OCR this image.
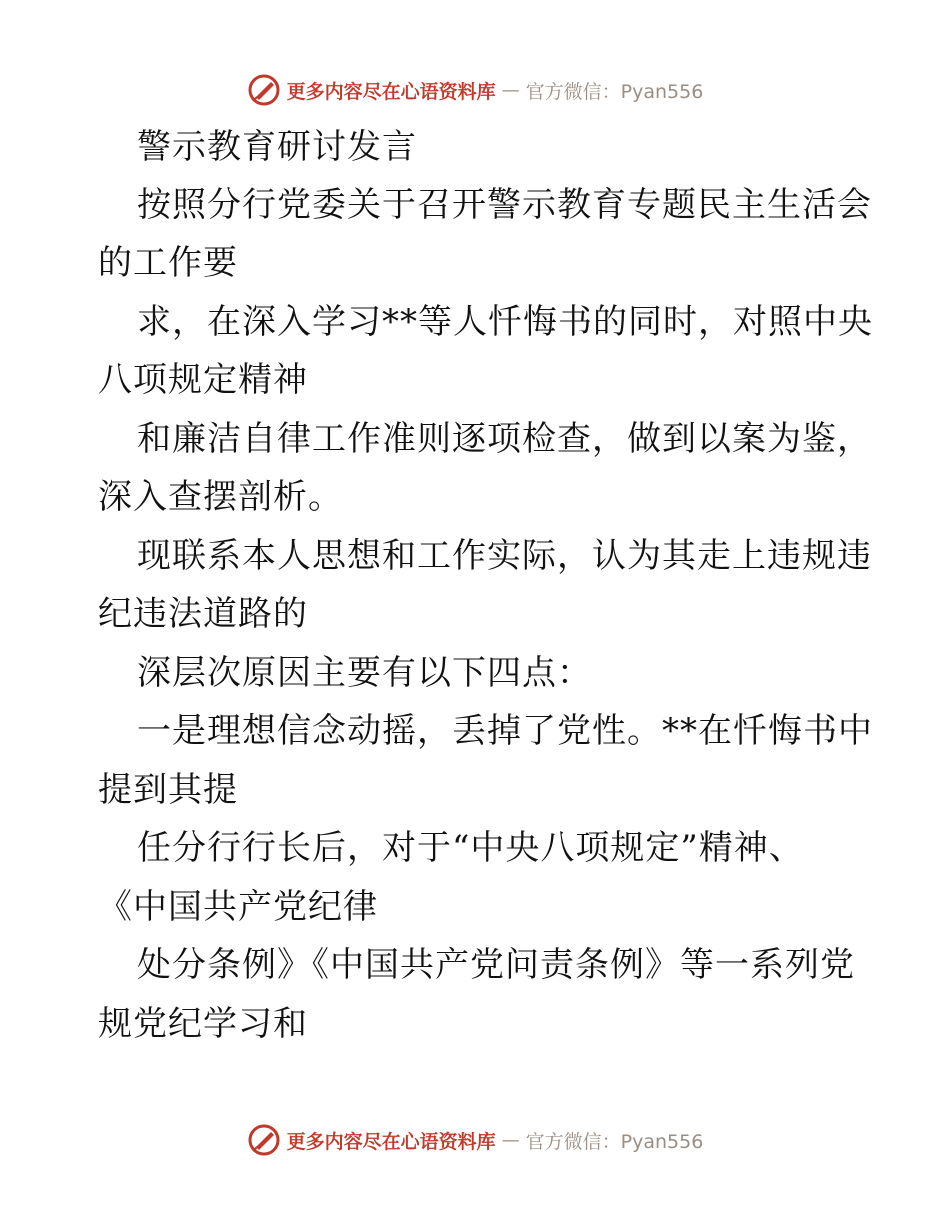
更多内容尽在心语资料库 — 官方微信：Pyan556
警示教育研讨发言
按照分行党委关于召开警示教育专题民主生活会
的工作要
求，在深入学习**等人忏悔书的同时，对照中央
八项规定精神
和廉洁自律工作准则逐项检查，做到以案为鉴，
深入查摆剖析。
现联系本人思想和工作实际，认为其走上违规违
纪违法道路的
深层次原因主要有以下四点：
一是理想信念动摇，丢掉了党性。**在忏悔书中
提到其提
任分行行长后，对于“中央八项规定”精神、
《中国共产党纪律
处分条例》《中国共产党问责条例》等一系列党
规党纪学习和
更多内容尽在心语资料库 — 官方微信：Pyan556
